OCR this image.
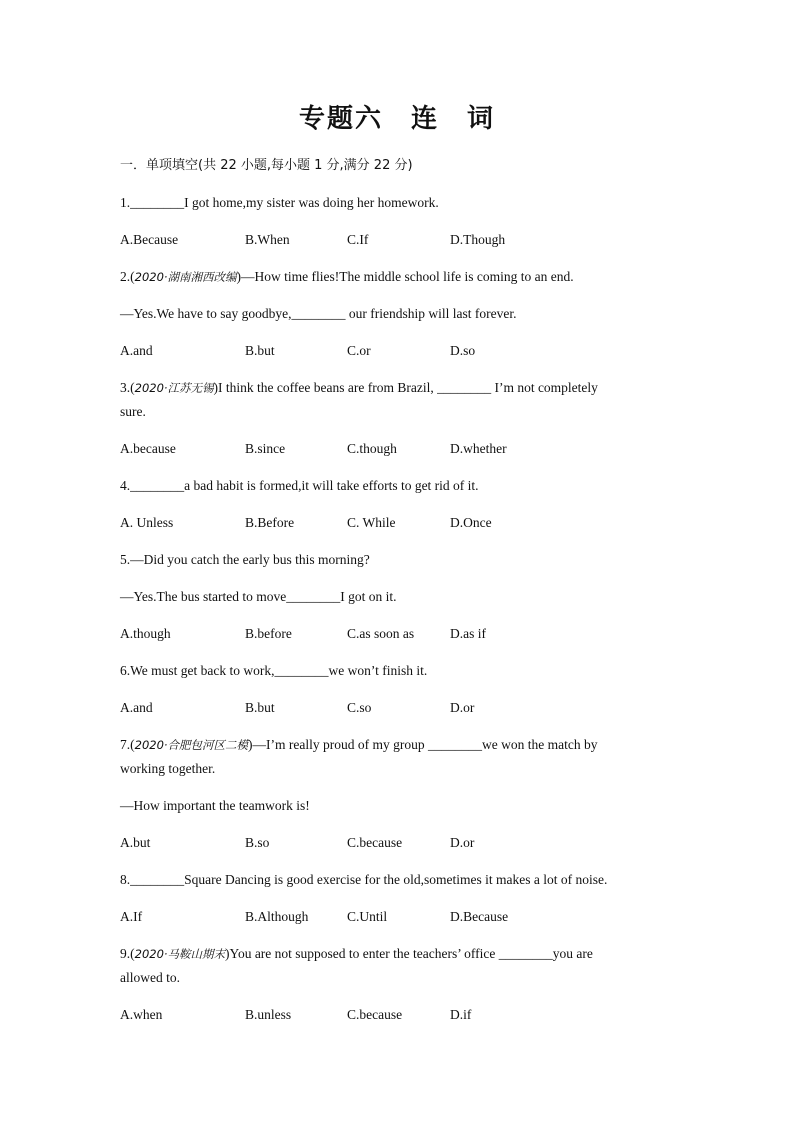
专题六　连　词
一．单项填空(共 22 小题,每小题 1 分,满分 22 分)
1.________I got home,my sister was doing her homework.
A.Because	B.When	C.If	D.Though
2.(2020·湖南湘西改编)—How time flies!The middle school life is coming to an end.
—Yes.We have to say goodbye,________ our friendship will last forever.
A.and	B.but	C.or	D.so
3.(2020·江苏无锡)I think the coffee beans are from Brazil, ________ I’m not completely
sure.
A.because	B.since	C.though	D.whether
4.________a bad habit is formed,it will take efforts to get rid of it.
A. Unless	B.Before	C. While	D.Once
5.—Did you catch the early bus this morning?
—Yes.The bus started to move________I got on it.
A.though	B.before	C.as soon as	D.as if
6.We must get back to work,________we won’t finish it.
A.and	B.but	C.so	D.or
7.(2020·合肥包河区二模)—I’m really proud of my group ________we won the match by
working together.
—How important the teamwork is!
A.but	B.so	C.because	D.or
8.________Square Dancing is good exercise for the old,sometimes it makes a lot of noise.
A.If	B.Although	C.Until	D.Because
9.(2020·马鞍山期末)You are not supposed to enter the teachers’ office ________you are
allowed to.
A.when	B.unless	C.because	D.if
